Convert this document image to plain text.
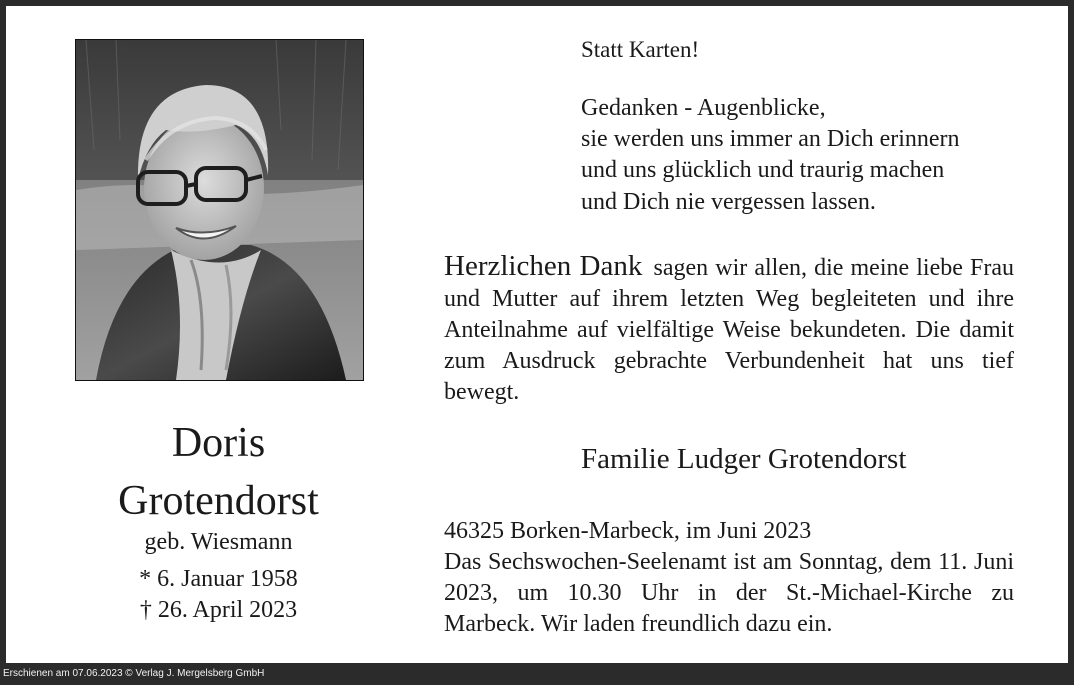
Doris
Grotendorst
geb. Wiesmann
* 6. Januar 1958
† 26. April 2023
Statt Karten!
Gedanken - Augenblicke,
sie werden uns immer an Dich erinnern
und uns glücklich und traurig machen
und Dich nie vergessen lassen.
Herzlichen Dank sagen wir allen, die meine liebe Frau und Mutter auf ihrem letzten Weg begleiteten und ihre Anteilnahme auf vielfältige Weise bekundeten. Die damit zum Ausdruck gebrachte Verbundenheit hat uns tief bewegt.
Familie Ludger Grotendorst
46325 Borken-Marbeck, im Juni 2023
Das Sechswochen-Seelenamt ist am Sonntag, dem 11. Juni 2023, um 10.30 Uhr in der St.-Michael-Kirche zu Marbeck. Wir laden freundlich dazu ein.
Erschienen am 07.06.2023 © Verlag J. Mergelsberg GmbH
